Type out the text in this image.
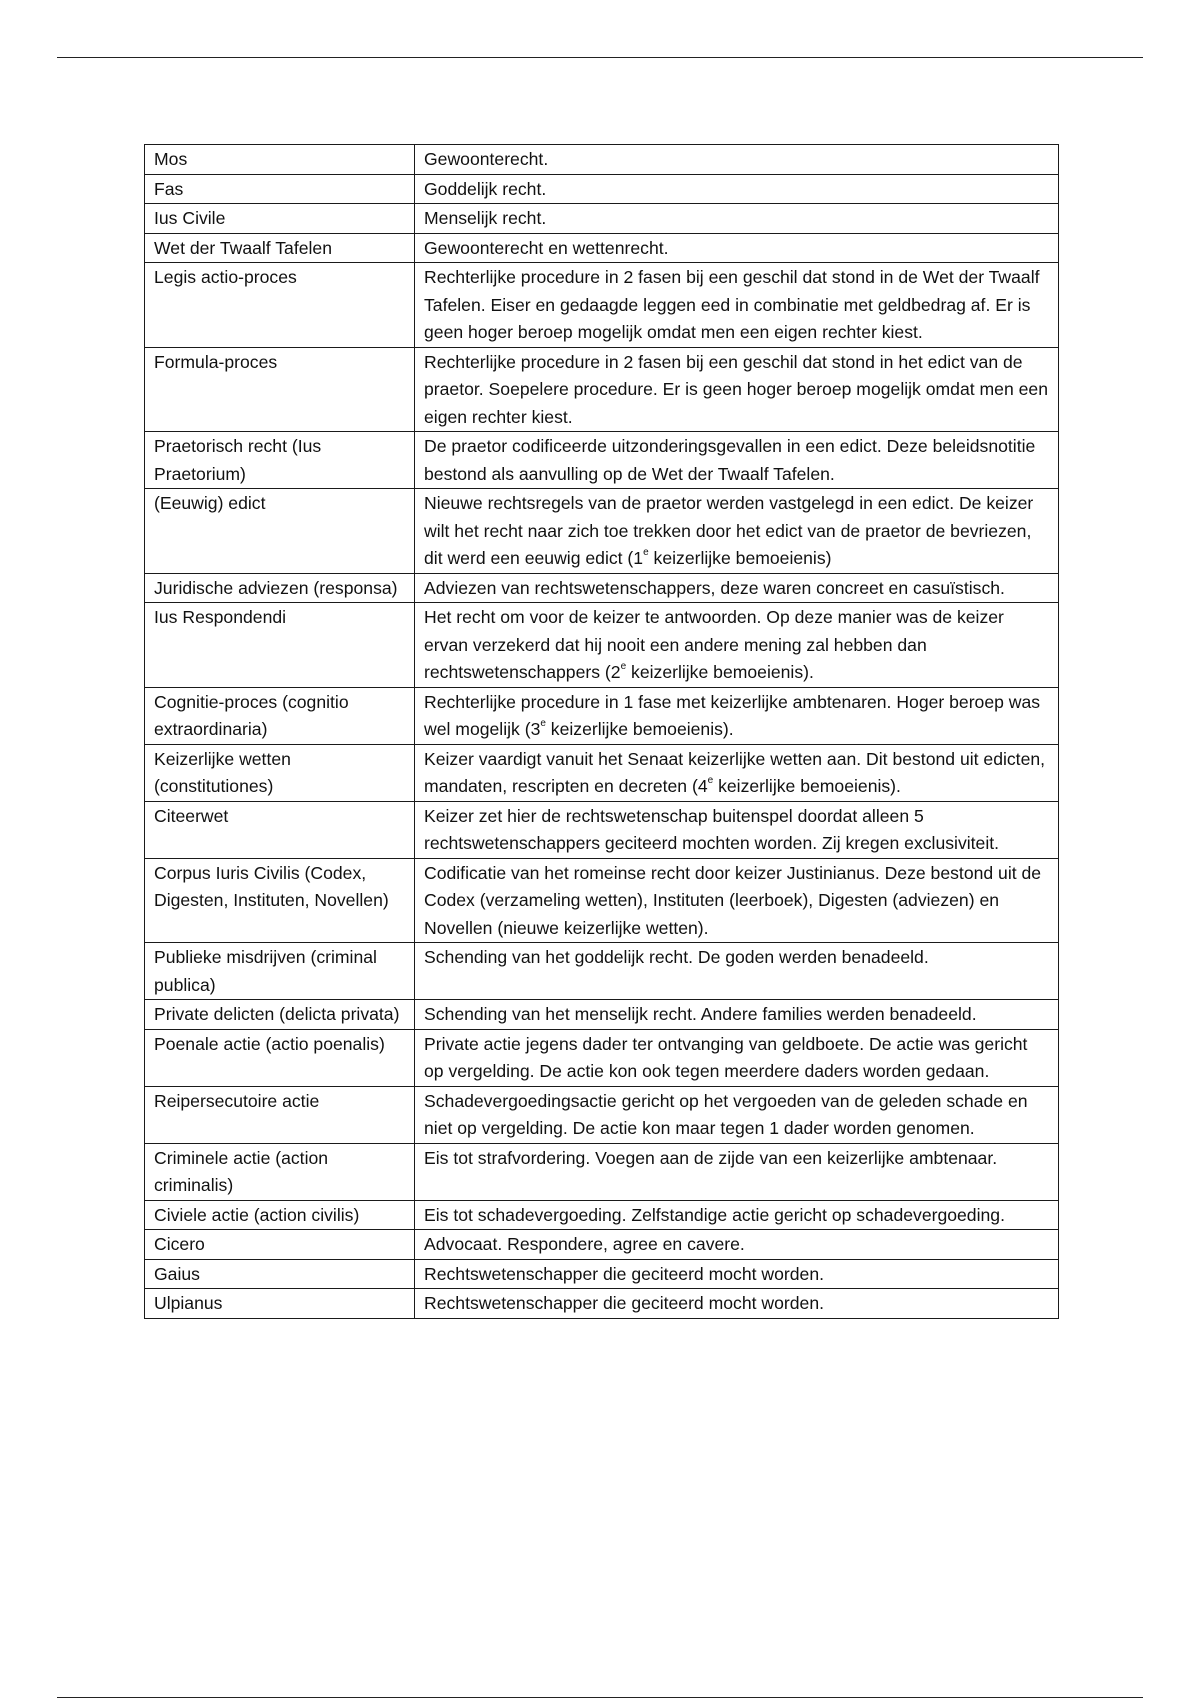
Mos	Gewoonterecht.
Fas	Goddelijk recht.
Ius Civile	Menselijk recht.
Wet der Twaalf Tafelen	Gewoonterecht en wettenrecht.
Legis actio-proces	Rechterlijke procedure in 2 fasen bij een geschil dat stond in de Wet der Twaalf Tafelen. Eiser en gedaagde leggen eed in combinatie met geldbedrag af. Er is geen hoger beroep mogelijk omdat men een eigen rechter kiest.
Formula-proces	Rechterlijke procedure in 2 fasen bij een geschil dat stond in het edict van de praetor. Soepelere procedure. Er is geen hoger beroep mogelijk omdat men een eigen rechter kiest.
Praetorisch recht (Ius Praetorium)	De praetor codificeerde uitzonderingsgevallen in een edict. Deze beleidsnotitie bestond als aanvulling op de Wet der Twaalf Tafelen.
(Eeuwig) edict	Nieuwe rechtsregels van de praetor werden vastgelegd in een edict. De keizer wilt het recht naar zich toe trekken door het edict van de praetor de bevriezen, dit werd een eeuwig edict (1e keizerlijke bemoeienis)
Juridische adviezen (responsa)	Adviezen van rechtswetenschappers, deze waren concreet en casuïstisch.
Ius Respondendi	Het recht om voor de keizer te antwoorden. Op deze manier was de keizer ervan verzekerd dat hij nooit een andere mening zal hebben dan rechtswetenschappers (2e keizerlijke bemoeienis).
Cognitie-proces (cognitio extraordinaria)	Rechterlijke procedure in 1 fase met keizerlijke ambtenaren. Hoger beroep was wel mogelijk (3e keizerlijke bemoeienis).
Keizerlijke wetten (constitutiones)	Keizer vaardigt vanuit het Senaat keizerlijke wetten aan. Dit bestond uit edicten, mandaten, rescripten en decreten (4e keizerlijke bemoeienis).
Citeerwet	Keizer zet hier de rechtswetenschap buitenspel doordat alleen 5 rechtswetenschappers geciteerd mochten worden. Zij kregen exclusiviteit.
Corpus Iuris Civilis (Codex, Digesten, Instituten, Novellen)	Codificatie van het romeinse recht door keizer Justinianus. Deze bestond uit de Codex (verzameling wetten), Instituten (leerboek), Digesten (adviezen) en Novellen (nieuwe keizerlijke wetten).
Publieke misdrijven (criminal publica)	Schending van het goddelijk recht. De goden werden benadeeld.
Private delicten (delicta privata)	Schending van het menselijk recht. Andere families werden benadeeld.
Poenale actie (actio poenalis)	Private actie jegens dader ter ontvanging van geldboete. De actie was gericht op vergelding. De actie kon ook tegen meerdere daders worden gedaan.
Reipersecutoire actie	Schadevergoedingsactie gericht op het vergoeden van de geleden schade en niet op vergelding. De actie kon maar tegen 1 dader worden genomen.
Criminele actie (action criminalis)	Eis tot strafvordering. Voegen aan de zijde van een keizerlijke ambtenaar.
Civiele actie (action civilis)	Eis tot schadevergoeding. Zelfstandige actie gericht op schadevergoeding.
Cicero	Advocaat. Respondere, agree en cavere.
Gaius	Rechtswetenschapper die geciteerd mocht worden.
Ulpianus	Rechtswetenschapper die geciteerd mocht worden.
